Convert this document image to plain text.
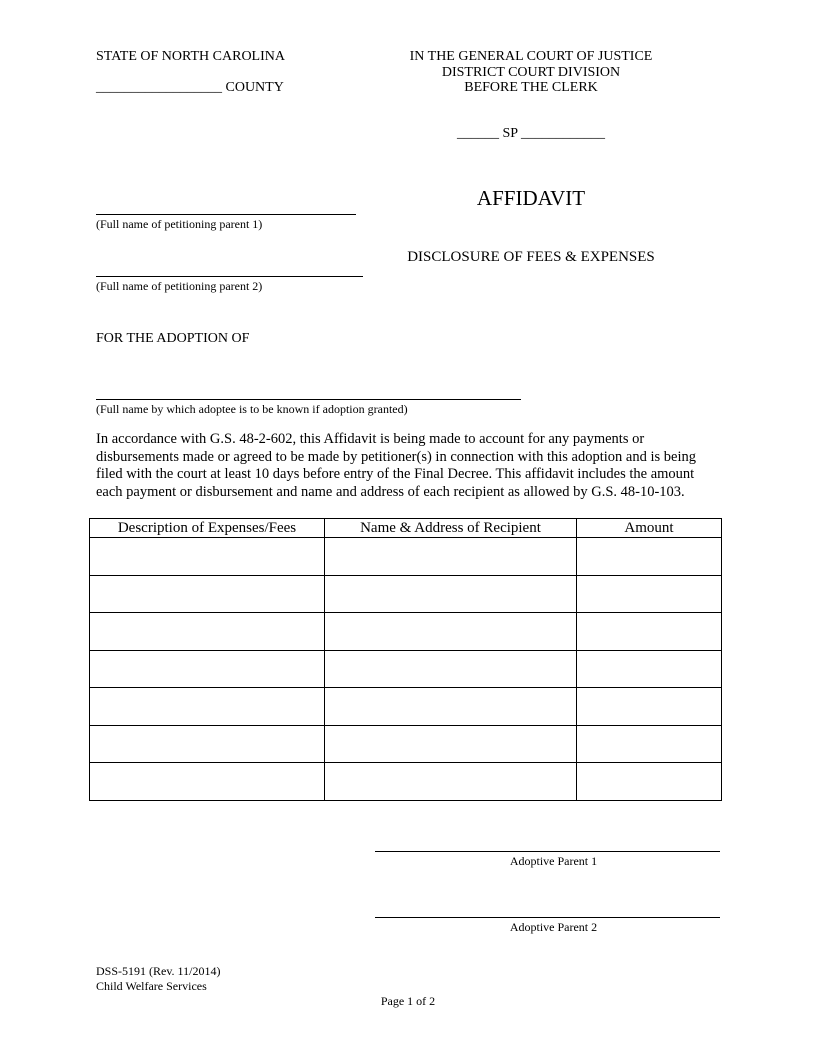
STATE OF NORTH CAROLINA
__________________ COUNTY
IN THE GENERAL COURT OF JUSTICE
DISTRICT COURT DIVISION
BEFORE THE CLERK
______ SP ____________
AFFIDAVIT
DISCLOSURE OF FEES & EXPENSES
(Full name of petitioning parent 1)
(Full name of petitioning parent 2)
FOR THE ADOPTION OF
(Full name by which adoptee is to be known if adoption granted)
In accordance with G.S. 48-2-602, this Affidavit is being made to account for any payments or
disbursements made or agreed to be made by petitioner(s) in connection with this adoption and is being
filed with the court at least 10 days before entry of the Final Decree. This affidavit includes the amount
each payment or disbursement and name and address of each recipient as allowed by G.S. 48-10-103.
Description of Expenses/Fees	Name & Address of Recipient	Amount

Adoptive Parent 1
Adoptive Parent 2
DSS-5191 (Rev. 11/2014)
Child Welfare Services
Page 1 of 2
